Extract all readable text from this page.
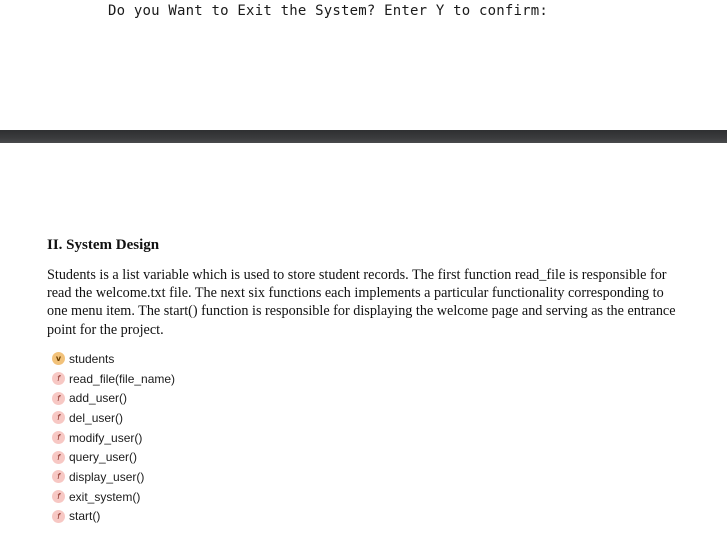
Do you Want to Exit the System? Enter Y to confirm:
II. System Design
Students is a list variable which is used to store student records. The first function read_file is responsible for read the welcome.txt file. The next six functions each implements a particular functionality corresponding to one menu item. The start() function is responsible for displaying the welcome page and serving as the entrance point for the project.
v students
f read_file(file_name)
f add_user()
f del_user()
f modify_user()
f query_user()
f display_user()
f exit_system()
f start()
